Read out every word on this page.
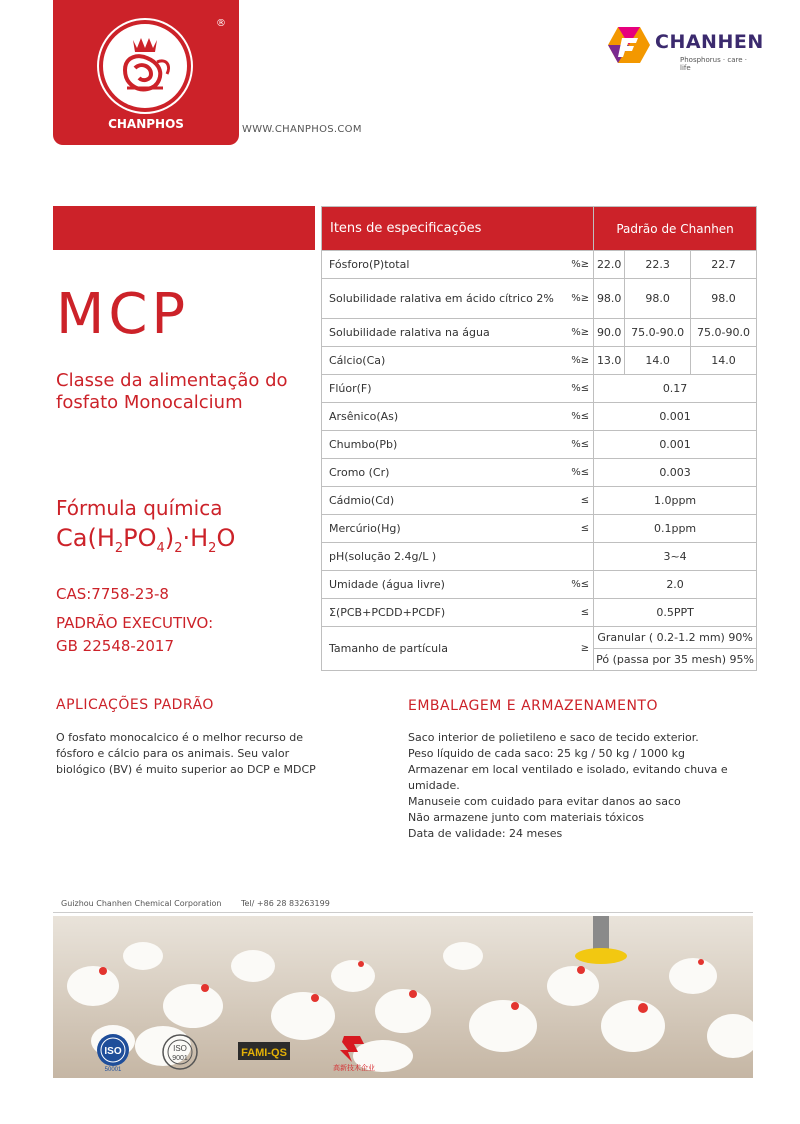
®
CHANPHOS	WWW.CHANPHOS.COM
CHANHEN
Phosphorus · care · life
MCP
Classe da alimentação do
fosfato Monocalcium
Fórmula química
$Ca(H_2PO_4)_2\cdot H_2O$
CAS:7758-23-8
PADRÃO EXECUTIVO:
GB 22548-2017
Itens de especificações		Padrão de Chanhen		
Fósforo(P)total	%≥	22.0	22.3	22.7
Solubilidade ralativa em ácido cítrico 2%	%≥	98.0	98.0	98.0
Solubilidade ralativa na água	%≥	90.0	75.0-90.0	75.0-90.0
Cálcio(Ca)	%≥	13.0	14.0	14.0
Flúor(F)	%≤	0.17		
Arsênico(As)	%≤	0.001		
Chumbo(Pb)	%≤	0.001		
Cromo (Cr)	%≤	0.003		
Cádmio(Cd)	≤	1.0ppm		
Mercúrio(Hg)	≤	0.1ppm		
pH(solução 2.4g/L )		3~4		
Umidade (água livre)	%≤	2.0		
Σ(PCB+PCDD+PCDF)	≤	0.5PPT		
Tamanho de partícula	≥	Granular ( 0.2-1.2 mm) 90%		
		Pó (passa por 35 mesh) 95%		
APLICAÇÕES PADRÃO
O fosfato monocalcico é o melhor recurso de
fósforo e cálcio para os animais. Seu valor
biológico (BV) é muito superior ao DCP e MDCP
EMBALAGEM E ARMAZENAMENTO
Saco interior de polietileno e saco de tecido exterior.
Peso líquido de cada saco: 25 kg / 50 kg / 1000 kg
Armazenar em local ventilado e isolado, evitando chuva e
umidade.
Manuseie com cuidado para evitar danos ao saco
Não armazene junto com materiais tóxicos
Data de validade: 24 meses
Guizhou Chanhen Chemical Corporation Tel/ +86 28 83263199
ISO
50001
ISO
9001	FAMI-QS
高新技术企业
